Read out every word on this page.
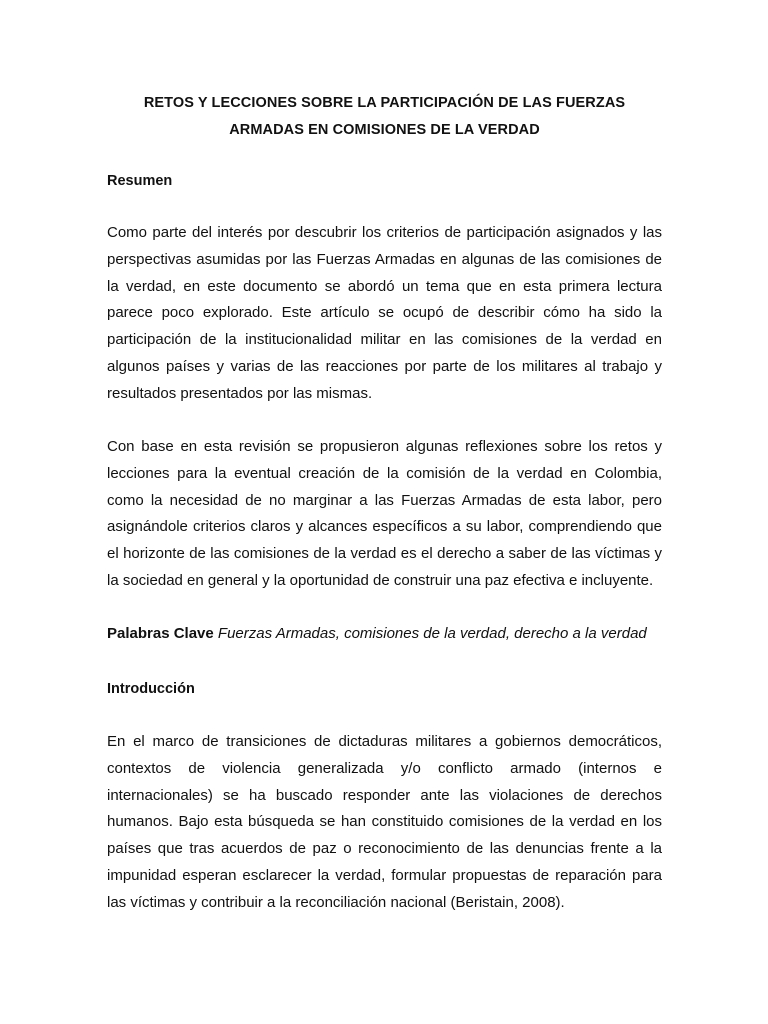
RETOS Y LECCIONES SOBRE LA PARTICIPACIÓN DE LAS FUERZAS
ARMADAS EN COMISIONES DE LA VERDAD
Resumen

Como parte del interés por descubrir los criterios de participación asignados y las
perspectivas asumidas por las Fuerzas Armadas en algunas de las comisiones de
la verdad, en este documento se abordó un tema que en esta primera lectura
parece poco explorado. Este artículo se ocupó de describir cómo ha sido la
participación de la institucionalidad militar en las comisiones de la verdad en
algunos países y varias de las reacciones por parte de los militares al trabajo y
resultados presentados por las mismas.

Con base en esta revisión se propusieron algunas reflexiones sobre los retos y
lecciones para la eventual creación de la comisión de la verdad en Colombia,
como la necesidad de no marginar a las Fuerzas Armadas de esta labor, pero
asignándole criterios claros y alcances específicos a su labor, comprendiendo que
el horizonte de las comisiones de la verdad es el derecho a saber de las víctimas y
la sociedad en general y la oportunidad de construir una paz efectiva e incluyente.

Palabras Clave Fuerzas Armadas, comisiones de la verdad, derecho a la verdad

Introducción

En el marco de transiciones de dictaduras militares a gobiernos democráticos,
contextos de violencia generalizada y/o conflicto armado (internos e
internacionales) se ha buscado responder ante las violaciones de derechos
humanos. Bajo esta búsqueda se han constituido comisiones de la verdad en los
países que tras acuerdos de paz o reconocimiento de las denuncias frente a la
impunidad esperan esclarecer la verdad, formular propuestas de reparación para
las víctimas y contribuir a la reconciliación nacional (Beristain, 2008).
